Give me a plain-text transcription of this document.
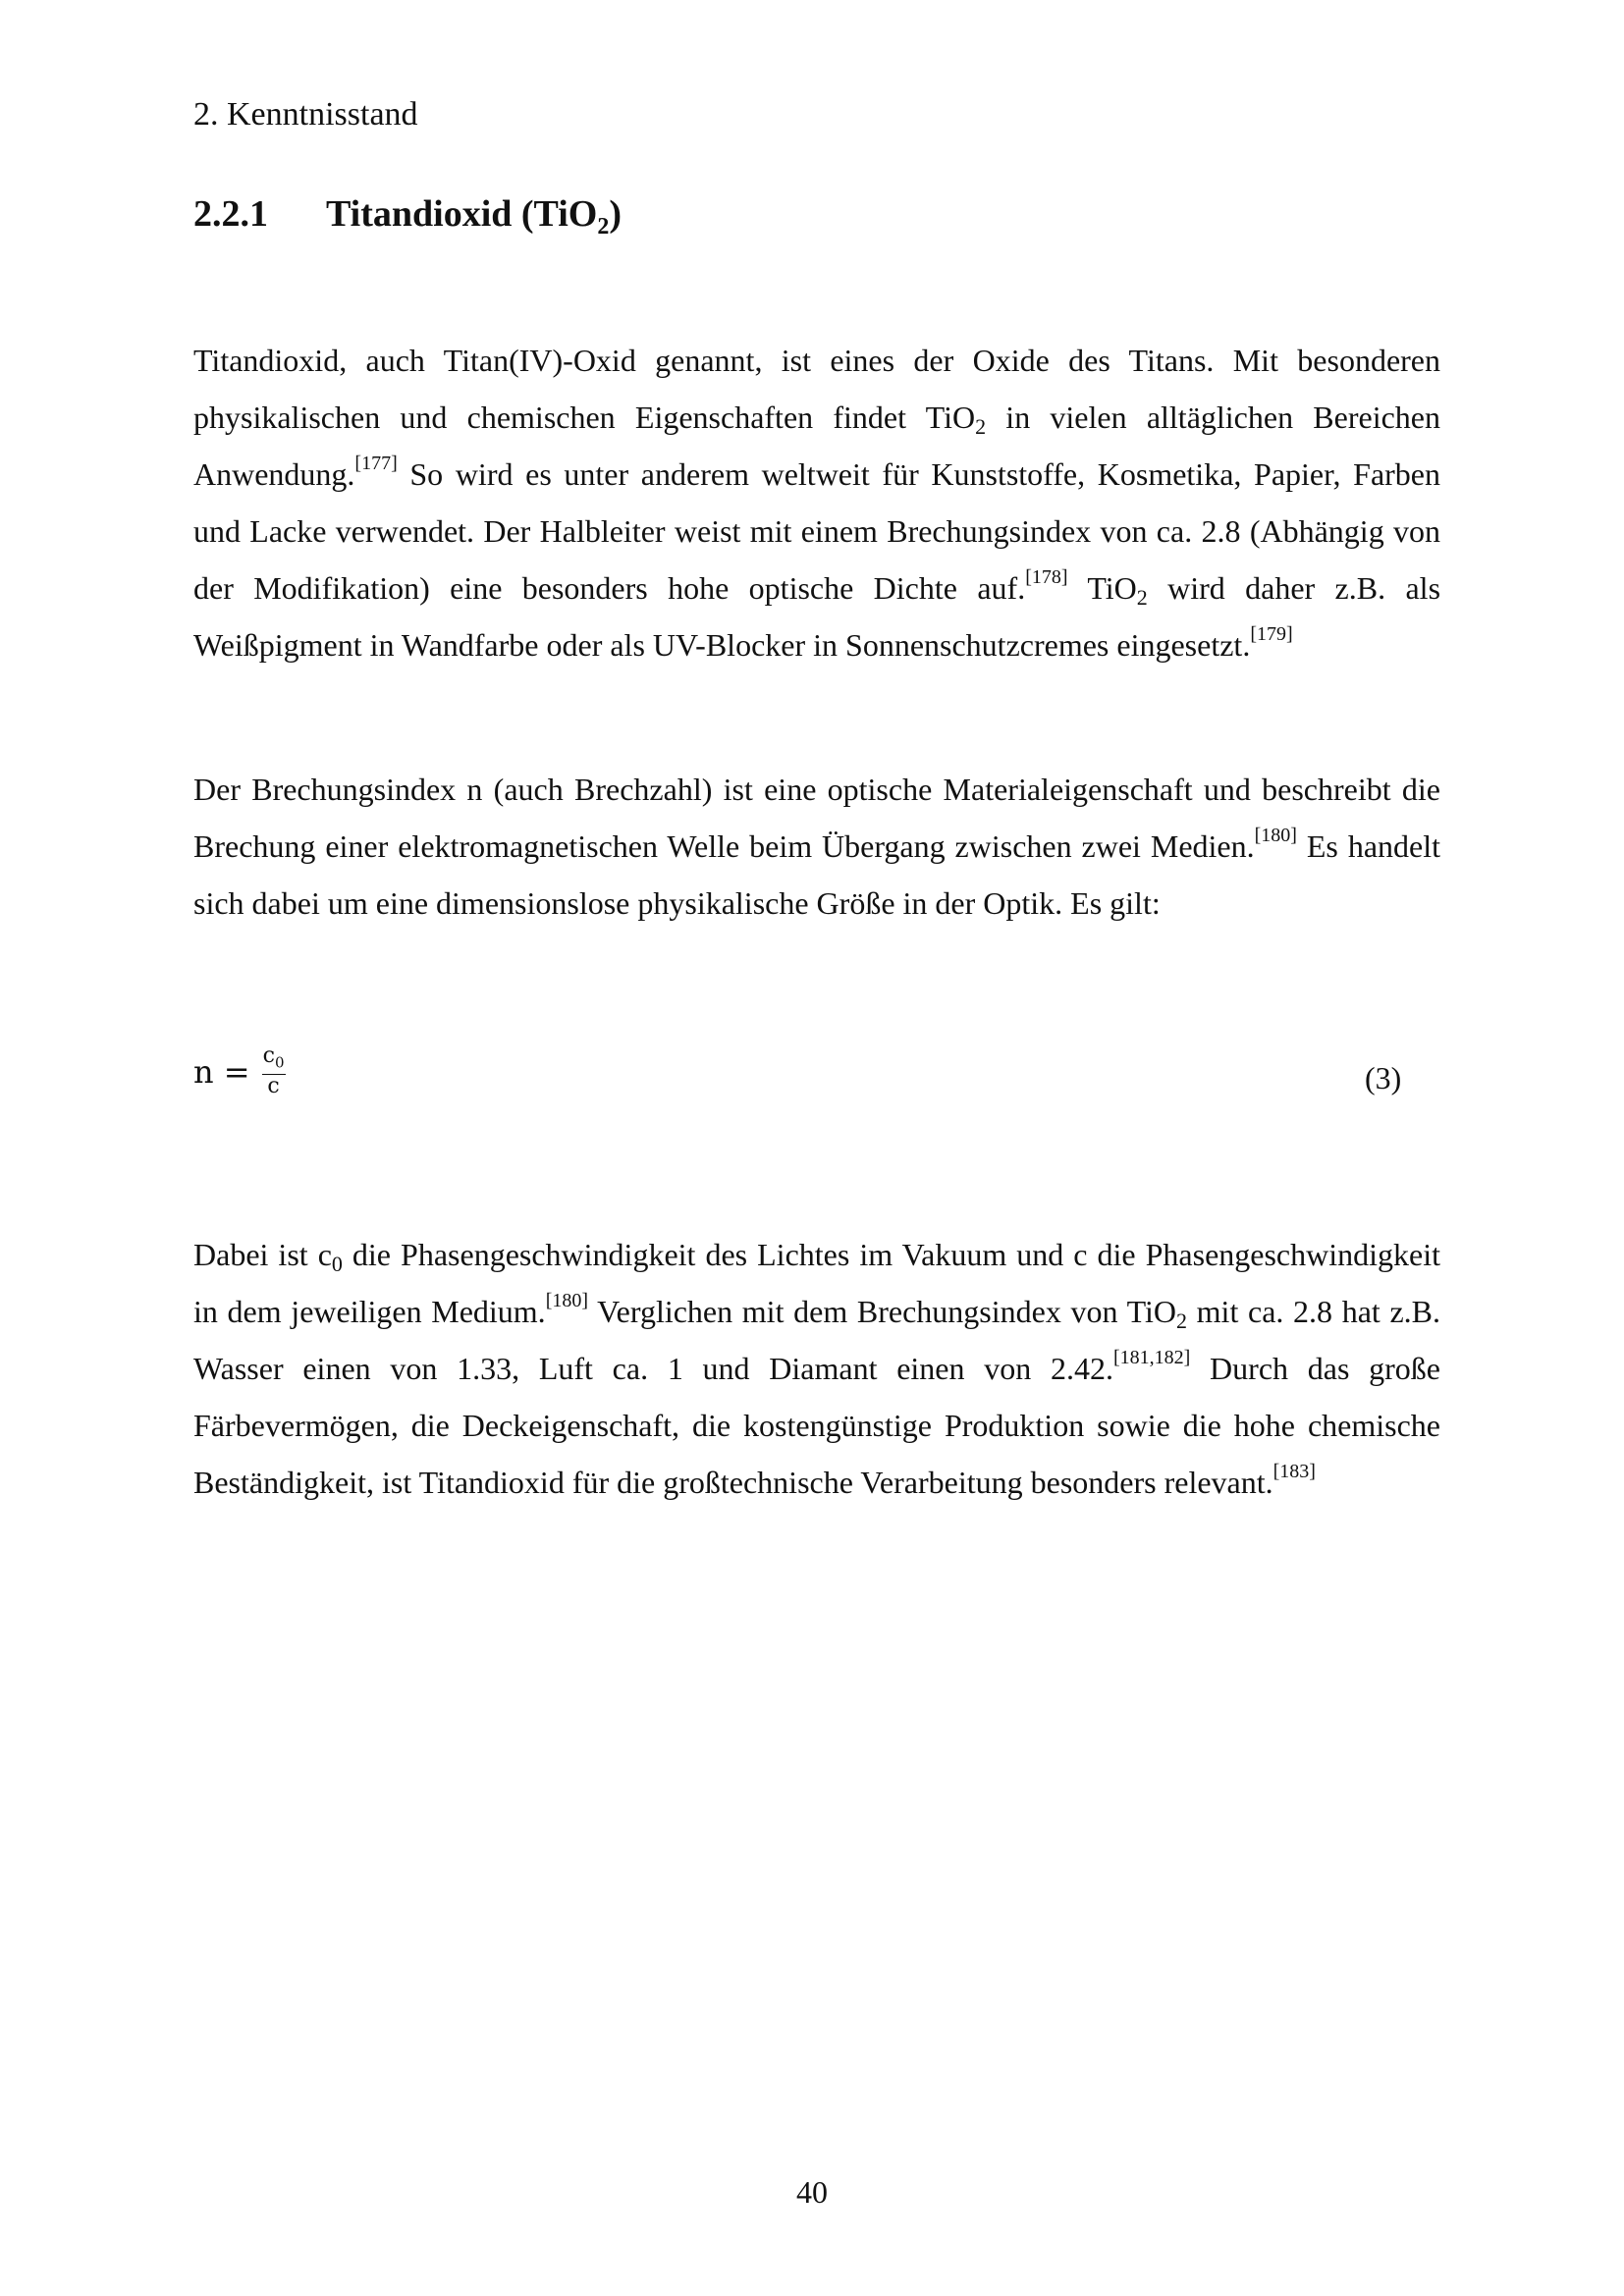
2. Kenntnisstand
2.2.1 Titandioxid (TiO$_2$)

Titandioxid, auch Titan(IV)-Oxid genannt, ist eines der Oxide des Titans. Mit besonderen physikalischen und chemischen Eigenschaften findet TiO$_2$ in vielen alltäglichen Bereichen Anwendung.[177] So wird es unter anderem weltweit für Kunststoffe, Kosmetika, Papier, Farben und Lacke verwendet. Der Halbleiter weist mit einem Brechungsindex von ca. 2.8 (Abhängig von der Modifikation) eine besonders hohe optische Dichte auf.[178] TiO$_2$ wird daher z.B. als Weißpigment in Wandfarbe oder als UV-Blocker in Sonnenschutzcremes eingesetzt.[179]

Der Brechungsindex n (auch Brechzahl) ist eine optische Materialeigenschaft und beschreibt die Brechung einer elektromagnetischen Welle beim Übergang zwischen zwei Medien.[180] Es handelt sich dabei um eine dimensionslose physikalische Größe in der Optik. Es gilt:

$n = \frac{c_0}{c}$	(3)

Dabei ist $c_0$ die Phasengeschwindigkeit des Lichtes im Vakuum und c die Phasengeschwindigkeit in dem jeweiligen Medium.[180] Verglichen mit dem Brechungsindex von TiO$_2$ mit ca. 2.8 hat z.B. Wasser einen von 1.33, Luft ca. 1 und Diamant einen von 2.42.[181,182] Durch das große Färbevermögen, die Deckeigenschaft, die kostengünstige Produktion sowie die hohe chemische Beständigkeit, ist Titandioxid für die großtechnische Verarbeitung besonders relevant.[183]

40
